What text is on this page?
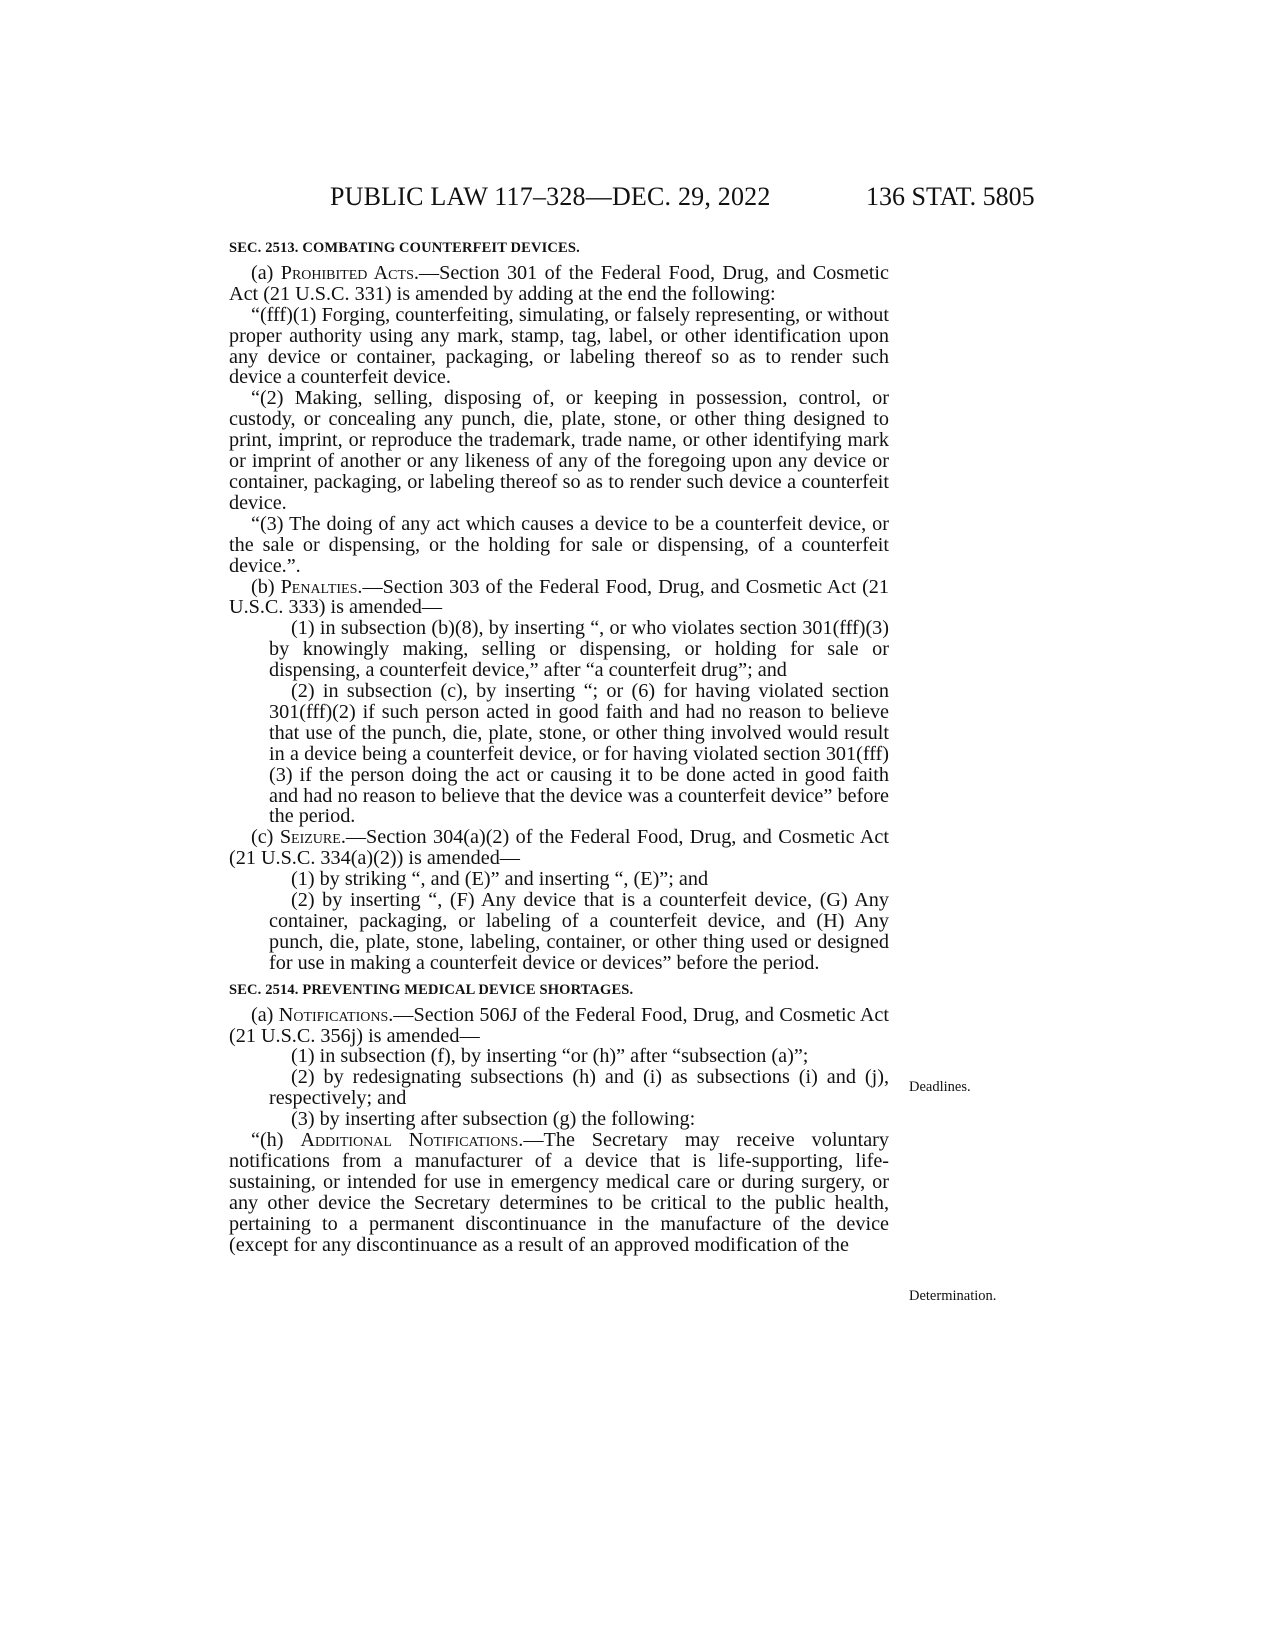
PUBLIC LAW 117–328—DEC. 29, 2022	136 STAT. 5805
SEC. 2513. COMBATING COUNTERFEIT DEVICES.

(a) Prohibited Acts.—Section 301 of the Federal Food, Drug, and Cosmetic Act (21 U.S.C. 331) is amended by adding at the end the following:

“(fff)(1) Forging, counterfeiting, simulating, or falsely representing, or without proper authority using any mark, stamp, tag, label, or other identification upon any device or container, packaging, or labeling thereof so as to render such device a counterfeit device.

“(2) Making, selling, disposing of, or keeping in possession, control, or custody, or concealing any punch, die, plate, stone, or other thing designed to print, imprint, or reproduce the trademark, trade name, or other identifying mark or imprint of another or any likeness of any of the foregoing upon any device or container, packaging, or labeling thereof so as to render such device a counterfeit device.

“(3) The doing of any act which causes a device to be a counterfeit device, or the sale or dispensing, or the holding for sale or dispensing, of a counterfeit device.”.

(b) Penalties.—Section 303 of the Federal Food, Drug, and Cosmetic Act (21 U.S.C. 333) is amended—

(1) in subsection (b)(8), by inserting “, or who violates section 301(fff)(3) by knowingly making, selling or dispensing, or holding for sale or dispensing, a counterfeit device,” after “a counterfeit drug”; and

(2) in subsection (c), by inserting “; or (6) for having violated section 301(fff)(2) if such person acted in good faith and had no reason to believe that use of the punch, die, plate, stone, or other thing involved would result in a device being a counterfeit device, or for having violated section 301(fff)(3) if the person doing the act or causing it to be done acted in good faith and had no reason to believe that the device was a counterfeit device” before the period.

(c) Seizure.—Section 304(a)(2) of the Federal Food, Drug, and Cosmetic Act (21 U.S.C. 334(a)(2)) is amended—

(1) by striking “, and (E)” and inserting “, (E)”; and

(2) by inserting “, (F) Any device that is a counterfeit device, (G) Any container, packaging, or labeling of a counterfeit device, and (H) Any punch, die, plate, stone, labeling, container, or other thing used or designed for use in making a counterfeit device or devices” before the period.

SEC. 2514. PREVENTING MEDICAL DEVICE SHORTAGES.

(a) Notifications.—Section 506J of the Federal Food, Drug, and Cosmetic Act (21 U.S.C. 356j) is amended—

(1) in subsection (f), by inserting “or (h)” after “subsection (a)”;

(2) by redesignating subsections (h) and (i) as subsections (i) and (j), respectively; and

(3) by inserting after subsection (g) the following:

“(h) Additional Notifications.—The Secretary may receive voluntary notifications from a manufacturer of a device that is life-supporting, life-sustaining, or intended for use in emergency medical care or during surgery, or any other device the Secretary determines to be critical to the public health, pertaining to a permanent discontinuance in the manufacture of the device (except for any discontinuance as a result of an approved modification of the

Deadlines.
Determination.
